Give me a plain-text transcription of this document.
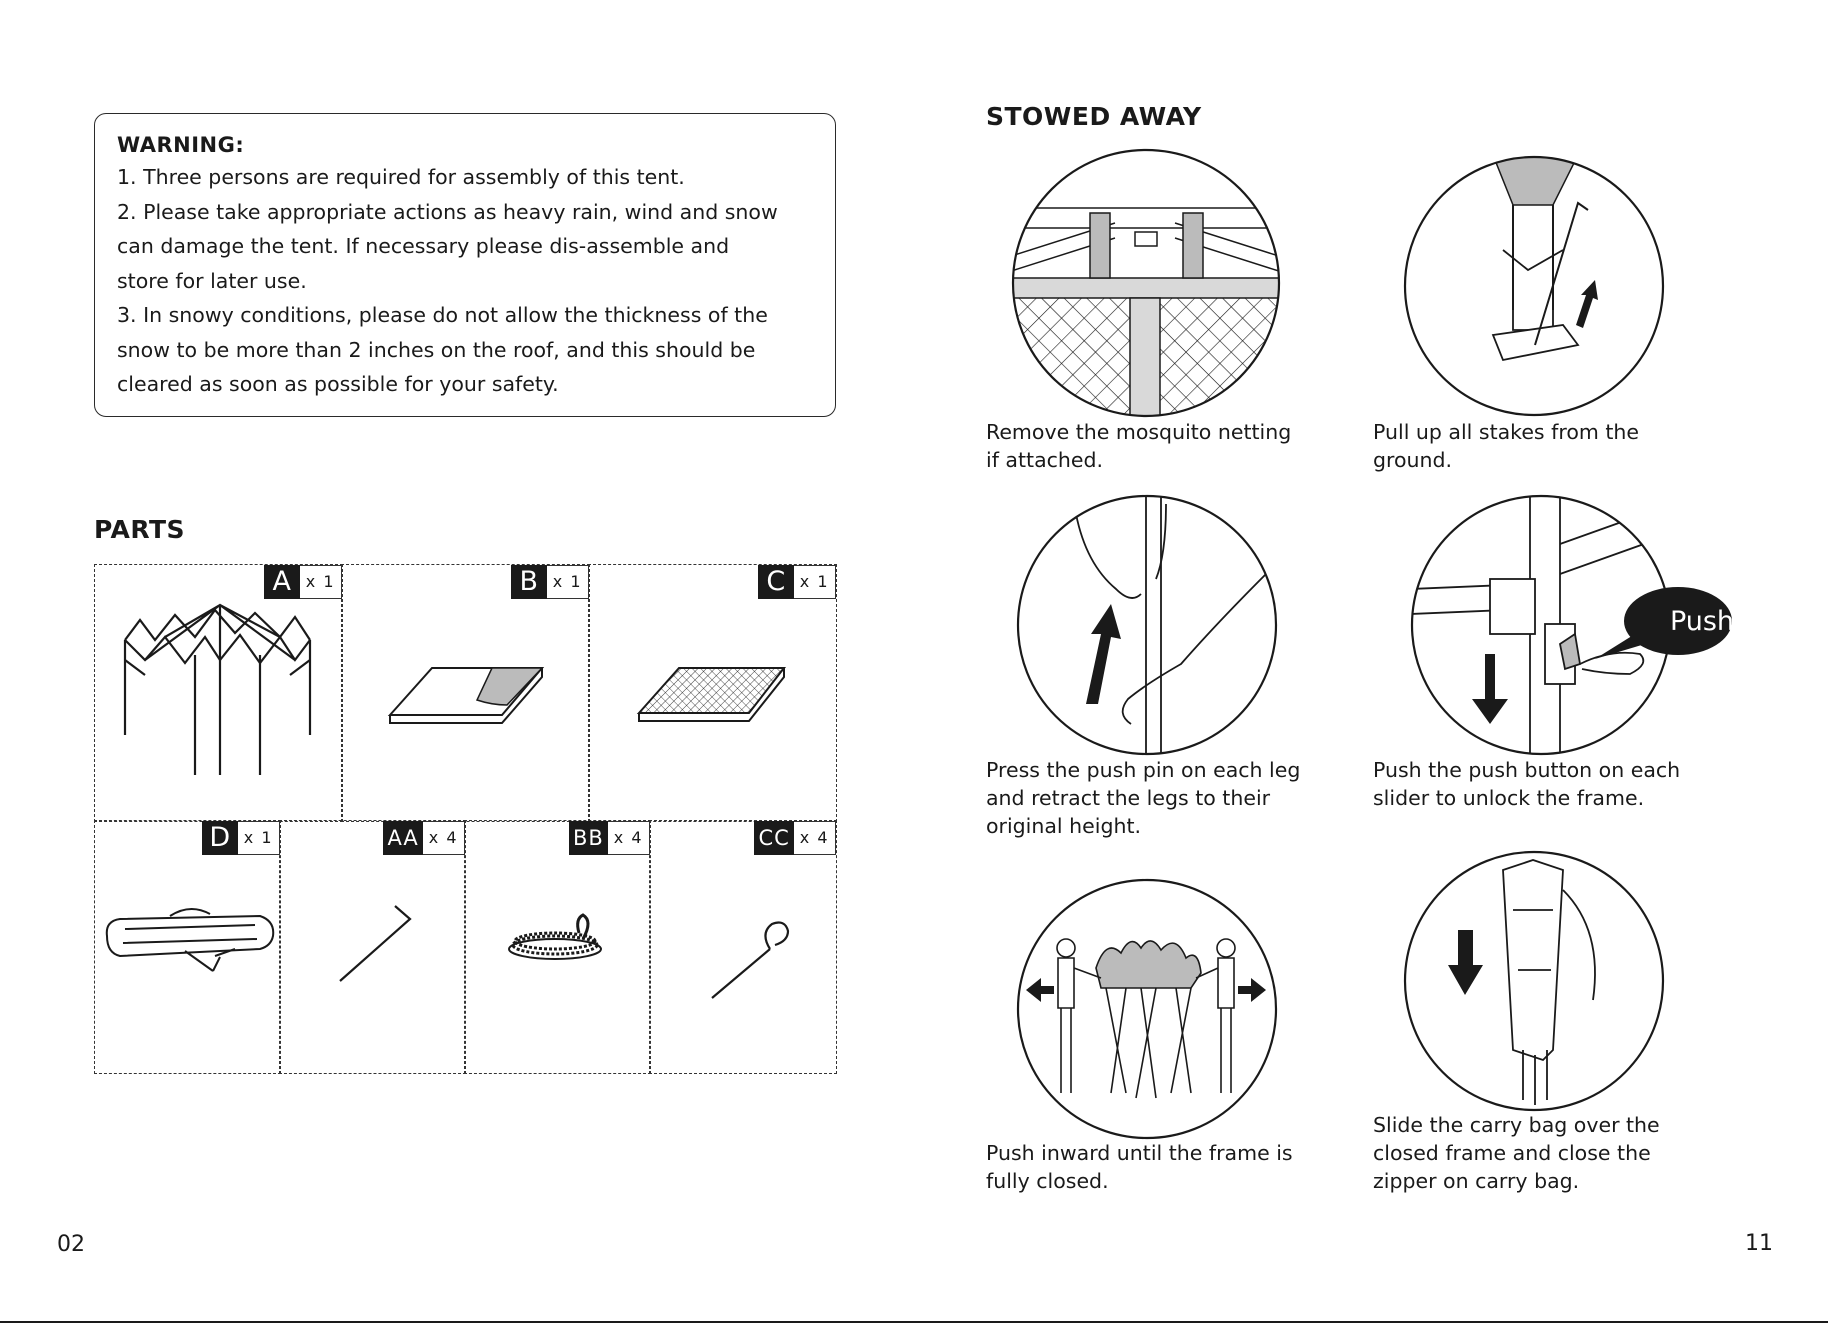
WARNING:

1. Three persons are required for assembly of this tent.

2. Please take appropriate actions as heavy rain, wind and snow

can damage the tent. If necessary please dis-assemble and

store for later use.

3. In snowy conditions, please do not allow the thickness of the

snow to be more than 2 inches on the roof, and this should be

cleared as soon as possible for your safety.

PARTS
A x 1	B x 1	C x 1
D x 1	AA x 4	BB x 4	CC x 4
02
STOWED AWAY
Remove the mosquito netting
if attached.
Pull up all stakes from the
ground.
Press the push pin on each leg
and retract the legs to their
original height.
Push
Push the push button on each
slider to unlock the frame.
Push inward until the frame is
fully closed.
Slide the carry bag over the
closed frame and close the
zipper on carry bag.
11
